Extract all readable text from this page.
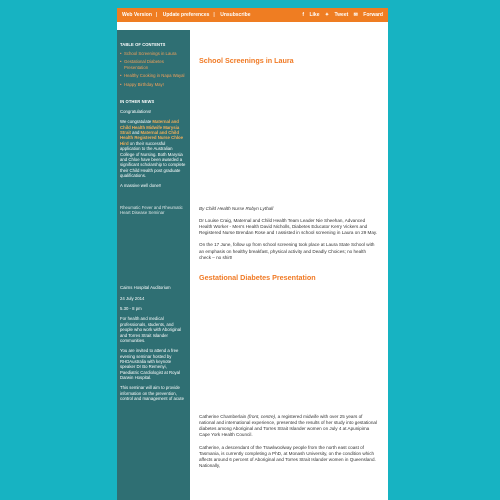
Web Version | Update preferences | Unsubscribe	f Like ✦ Tweet ✉ Forward
TABLE OF CONTENTS
• School Screenings in Laura
• Gestational Diabetes Presentation
• Healthy Cooking in Napa Wayal
• Happy Birthday May!
IN OTHER NEWS
Congratulations!
We congratulate Maternal and Child Health Midwife Marysia Strait and Maternal and Child Health Registered Nurse Chloe Hird on their successful application to the Australian College of Nursing. Both Marysia and Chloe have been awarded a significant scholarship to complete their Child Health post graduate qualifications.
A massive well done!!
Rheumatic Fever and Rheumatic Heart Disease Seminar
Cairns Hospital Auditorium
24 July 2014
5.30 - 8 pm
For health and medical professionals, students, and people who work with Aboriginal and Torres Strait Islander communities.
You are invited to attend a free evening seminar hosted by RHDAustralia with keynote speaker Dr Bo Remenyi, Paediatric Cardiologist at Royal Darwin Hospital.
This seminar will aim to provide information on the prevention, control and management of acute
School Screenings in Laura
By Child Health Nurse Robyn Lythall

Dr Louise Craig, Maternal and Child Health Team Leader Nie Sheehan, Advanced Health Worker - Men's Health David Nicholls, Diabetes Educator Kerry Vickers and Registered Nurse Brendan Rose and I assisted in school screening in Laura on 29 May.

On the 17 June, follow up from school screening took place at Laura State School with an emphasis on healthy breakfast, physical activity and Deadly Choices; no health check – no shirt!

Gestational Diabetes Presentation

Catherine Chamberlain (front, centre), a registered midwife with over 25 years of national and international experience, presented the results of her study into gestational diabetes among Aboriginal and Torres Strait Islander women on July 4 at Apunipima Cape York Health Council.

Catherine, a descendant of the Trawlwoolway people from the north east coast of Tasmania, is currently completing a PhD, at Monash University, on the condition which affects around 6 percent of Aboriginal and Torres Strait Islander women in Queensland. Nationally,
